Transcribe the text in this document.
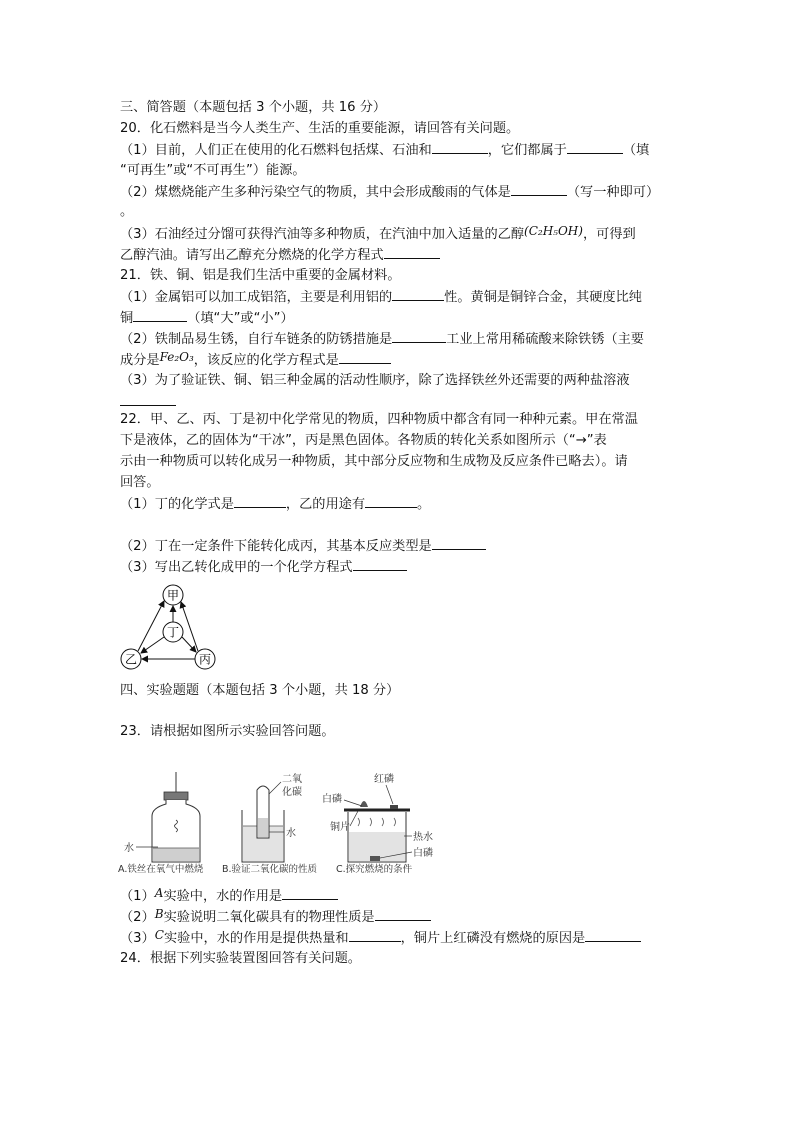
三、简答题（本题包括 3 个小题，共 16 分）
20．化石燃料是当今人类生产、生活的重要能源，请回答有关问题。
（1）目前，人们正在使用的化石燃料包括煤、石油和	，它们都属于	（填
“可再生”或“不可再生”）能源。
（2）煤燃烧能产生多种污染空气的物质，其中会形成酸雨的气体是	（写一种即可）
。
（3）石油经过分馏可获得汽油等多种物质，在汽油中加入适量的乙醇(C₂H₅OH)，可得到
乙醇汽油。请写出乙醇充分燃烧的化学方程式
21．铁、铜、铝是我们生活中重要的金属材料。
（1）金属铝可以加工成铝箔，主要是利用铝的	性。黄铜是铜锌合金，其硬度比纯
铜	（填“大”或“小”）
（2）铁制品易生锈，自行车链条的防锈措施是	工业上常用稀硫酸来除铁锈（主要
成分是Fe₂O₃，该反应的化学方程式是
（3）为了验证铁、铜、铝三种金属的活动性顺序，除了选择铁丝外还需要的两种盐溶液
22．甲、乙、丙、丁是初中化学常见的物质，四种物质中都含有同一种种元素。甲在常温
下是液体，乙的固体为“干冰”，丙是黑色固体。各物质的转化关系如图所示（“→”表
示由一种物质可以转化成另一种物质，其中部分反应物和生成物及反应条件已略去）。请
回答。
（1）丁的化学式是	，乙的用途有	。
（2）丁在一定条件下能转化成丙，其基本反应类型是
（3）写出乙转化成甲的一个化学方程式
甲
丁
乙	丙
四、实验题题（本题包括 3 个小题，共 18 分）
23．请根据如图所示实验回答问题。
水
二氧
化碳
水
红磷
白磷
铜片
热水
白磷
A.铁丝在氧气中燃烧 B.验证二氧化碳的性质 C.探究燃烧的条件
（1）A实验中，水的作用是
（2）B实验说明二氧化碳具有的物理性质是
（3）C实验中，水的作用是提供热量和	，铜片上红磷没有燃烧的原因是
24．根据下列实验装置图回答有关问题。
